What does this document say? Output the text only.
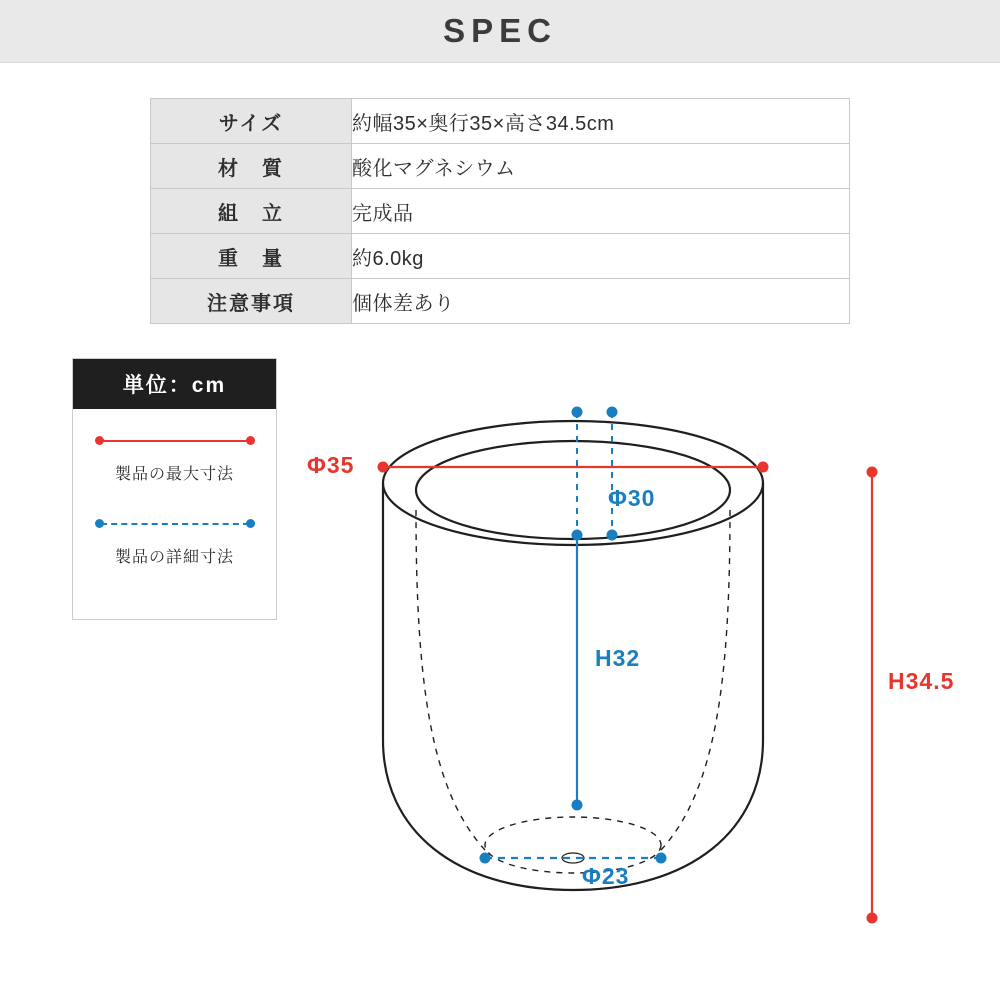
SPEC
サイズ	約幅35×奥行35×高さ34.5cm
材　質	酸化マグネシウム
組　立	完成品
重　量	約6.0kg
注意事項	個体差あり
単位：cm
製品の最大寸法
製品の詳細寸法
Φ35
Φ30
H32
Φ23
H34.5
